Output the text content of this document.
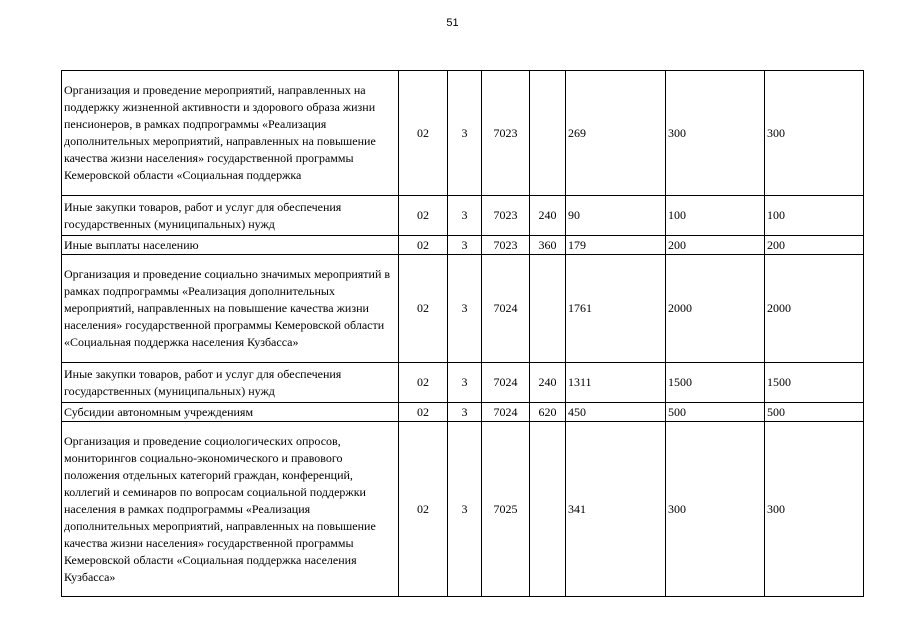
51
Организация и проведение мероприятий, направленных на поддержку жизненной активности и здорового образа жизни пенсионеров, в рамках подпрограммы «Реализация дополнительных мероприятий, направленных на повышение качества жизни населения» государственной программы Кемеровской области «Социальная поддержка	02	3	7023		269	300	300
Иные закупки товаров, работ и услуг для обеспечения государственных (муниципальных) нужд	02	3	7023	240	90	100	100
Иные выплаты населению	02	3	7023	360	179	200	200
Организация и проведение социально значимых мероприятий в рамках подпрограммы «Реализация дополнительных мероприятий, направленных на повышение качества жизни населения» государственной программы Кемеровской области «Социальная поддержка населения Кузбасса»	02	3	7024		1761	2000	2000
Иные закупки товаров, работ и услуг для обеспечения государственных (муниципальных) нужд	02	3	7024	240	1311	1500	1500
Субсидии автономным учреждениям	02	3	7024	620	450	500	500
Организация и проведение социологических опросов, мониторингов социально-экономического и правового положения отдельных категорий граждан, конференций, коллегий и семинаров по вопросам социальной поддержки населения в рамках подпрограммы «Реализация дополнительных мероприятий, направленных на повышение качества жизни населения» государственной программы Кемеровской области «Социальная поддержка населения Кузбасса»	02	3	7025		341	300	300
